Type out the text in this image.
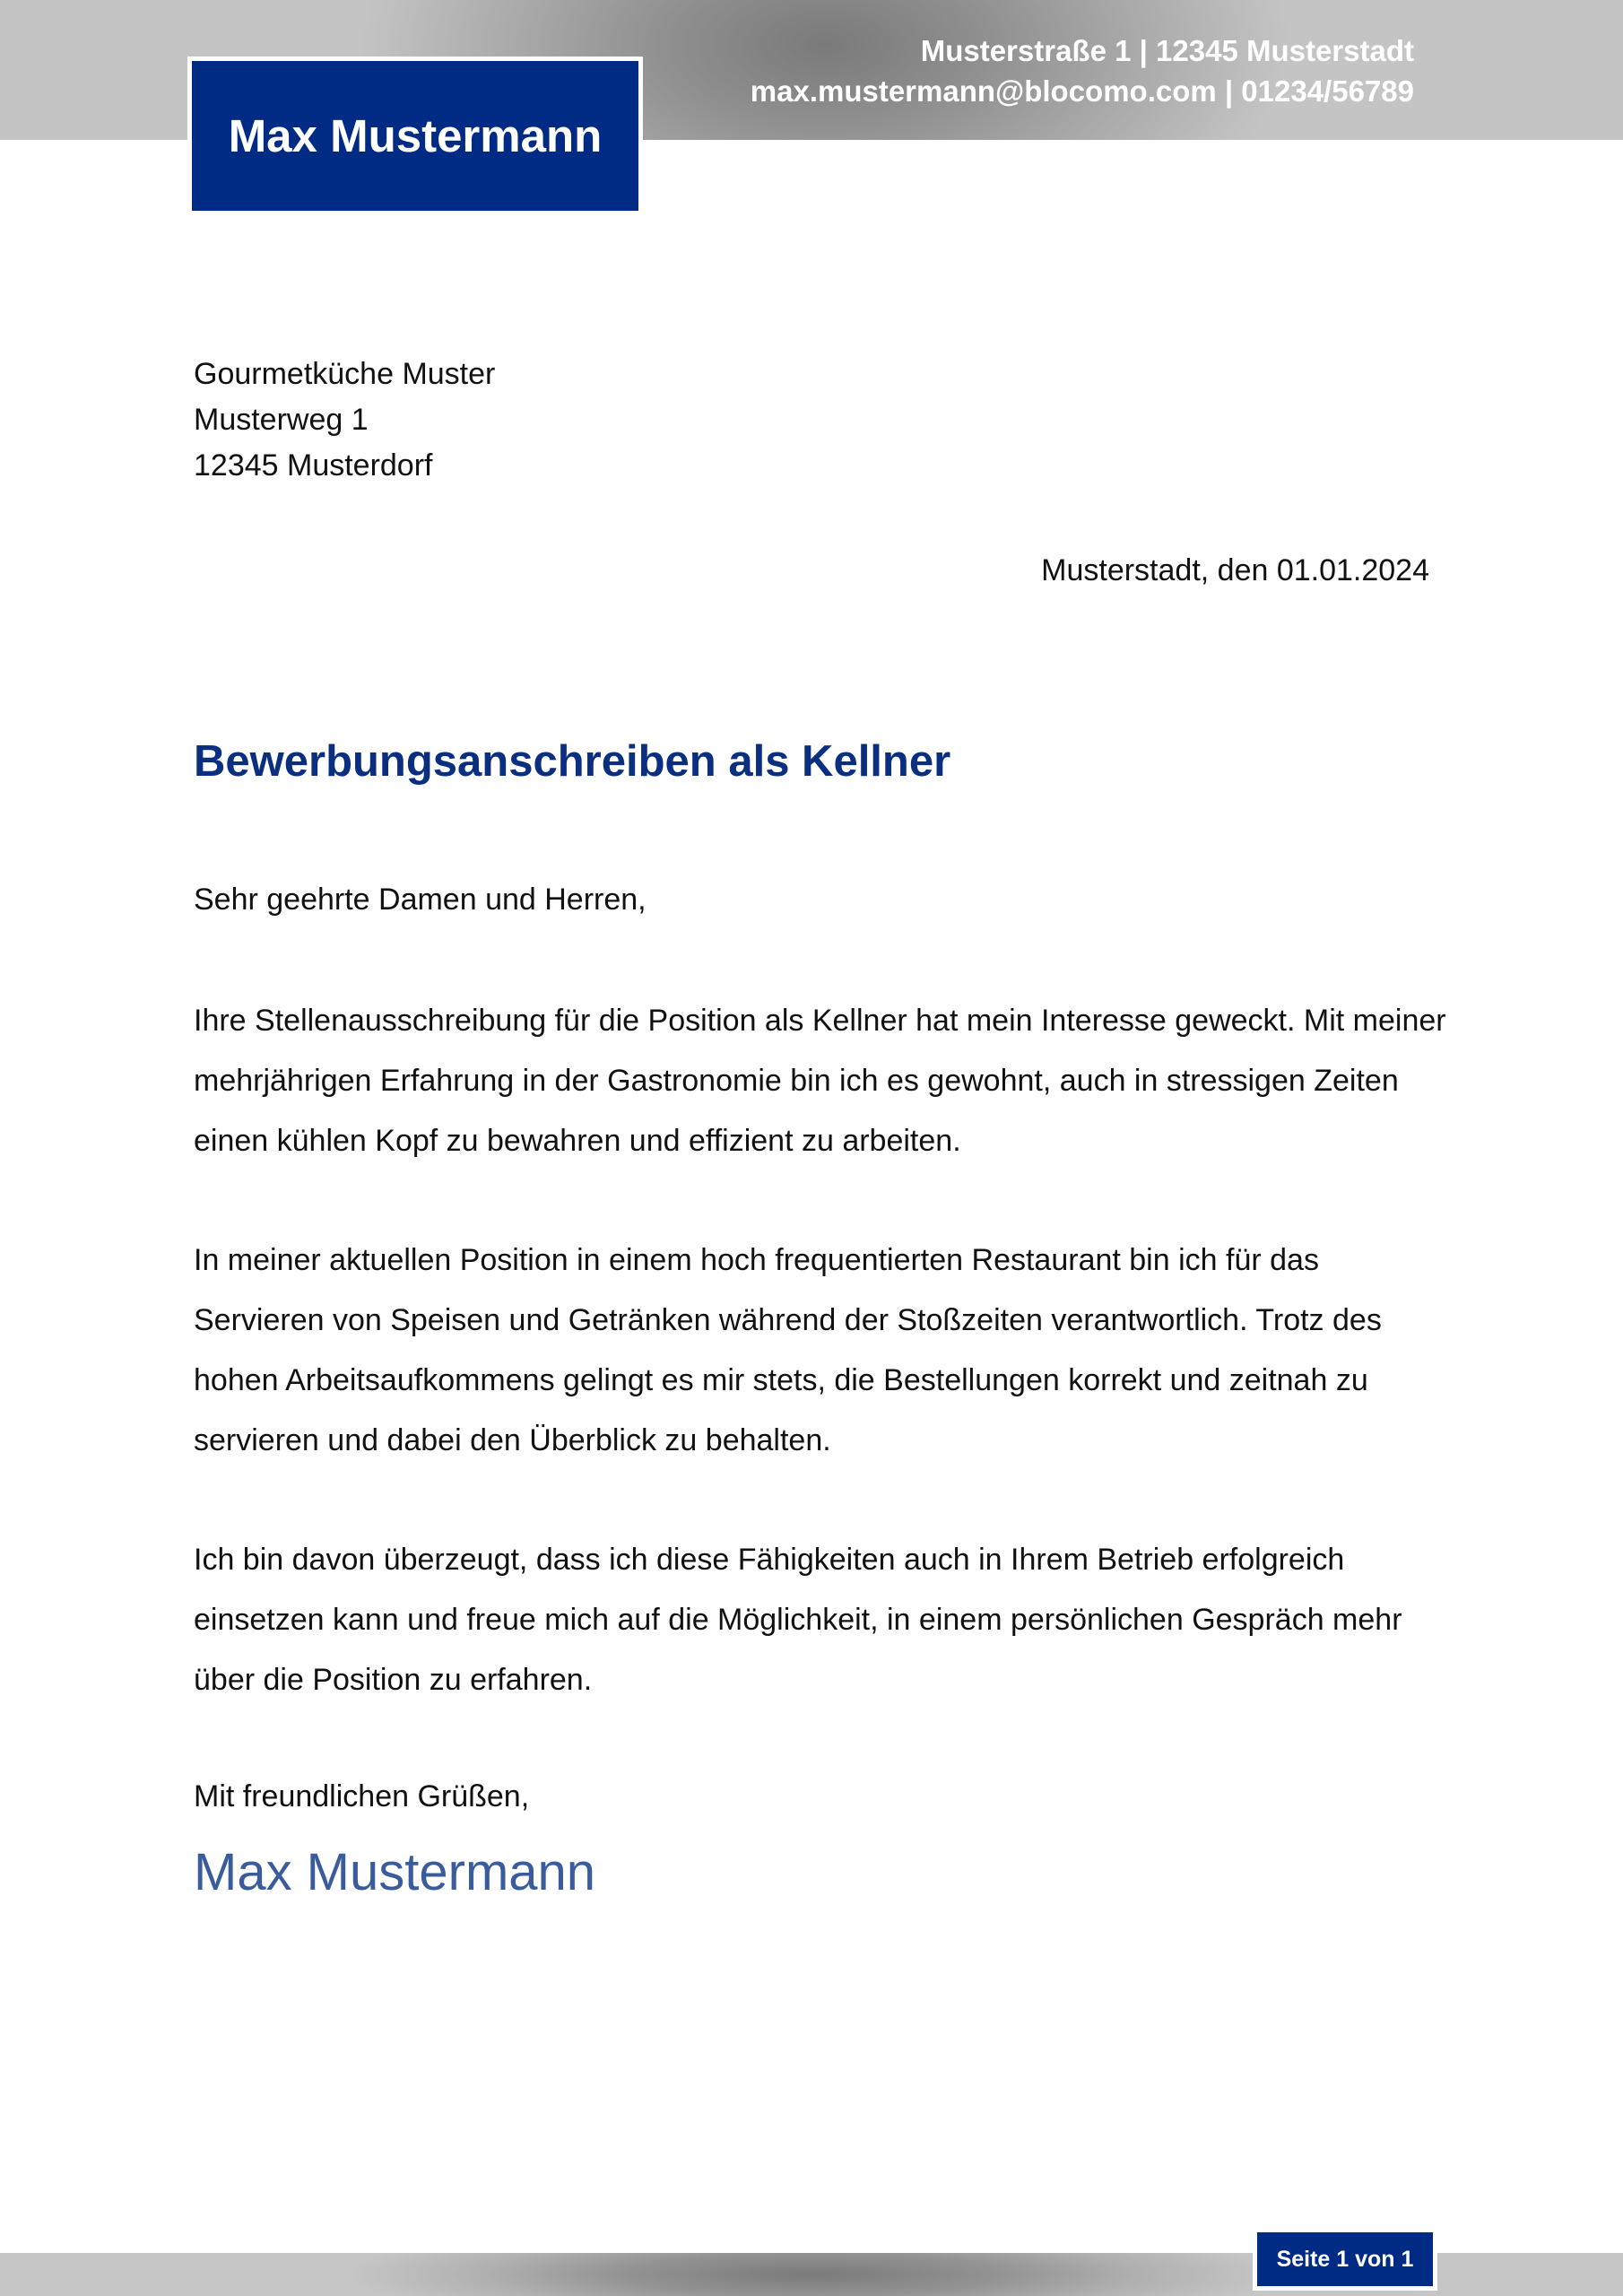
Musterstraße 1 | 12345 Musterstadt
max.mustermann@blocomo.com | 01234/56789
Max Mustermann
Gourmetküche Muster
Musterweg 1
12345 Musterdorf
Musterstadt, den 01.01.2024
Bewerbungsanschreiben als Kellner
Sehr geehrte Damen und Herren,

Ihre Stellenausschreibung für die Position als Kellner hat mein Interesse geweckt. Mit meiner mehrjährigen Erfahrung in der Gastronomie bin ich es gewohnt, auch in stressigen Zeiten einen kühlen Kopf zu bewahren und effizient zu arbeiten.

In meiner aktuellen Position in einem hoch frequentierten Restaurant bin ich für das Servieren von Speisen und Getränken während der Stoßzeiten verantwortlich. Trotz des hohen Arbeitsaufkommens gelingt es mir stets, die Bestellungen korrekt und zeitnah zu servieren und dabei den Überblick zu behalten.

Ich bin davon überzeugt, dass ich diese Fähigkeiten auch in Ihrem Betrieb erfolgreich einsetzen kann und freue mich auf die Möglichkeit, in einem persönlichen Gespräch mehr über die Position zu erfahren.

Mit freundlichen Grüßen,
Max Mustermann
Seite 1 von 1
